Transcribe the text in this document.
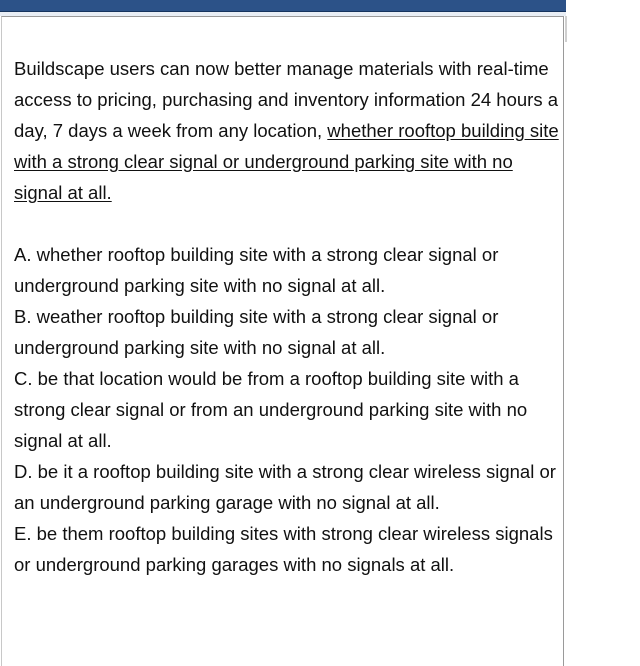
Buildscape users can now better manage materials with real-time access to pricing, purchasing and inventory information 24 hours a day, 7 days a week from any location, whether rooftop building site with a strong clear signal or underground parking site with no signal at all.

A. whether rooftop building site with a strong clear signal or underground parking site with no signal at all.
B. weather rooftop building site with a strong clear signal or underground parking site with no signal at all.
C. be that location would be from a rooftop building site with a strong clear signal or from an underground parking site with no signal at all.
D. be it a rooftop building site with a strong clear wireless signal or an underground parking garage with no signal at all.
E. be them rooftop building sites with strong clear wireless signals or underground parking garages with no signals at all.
